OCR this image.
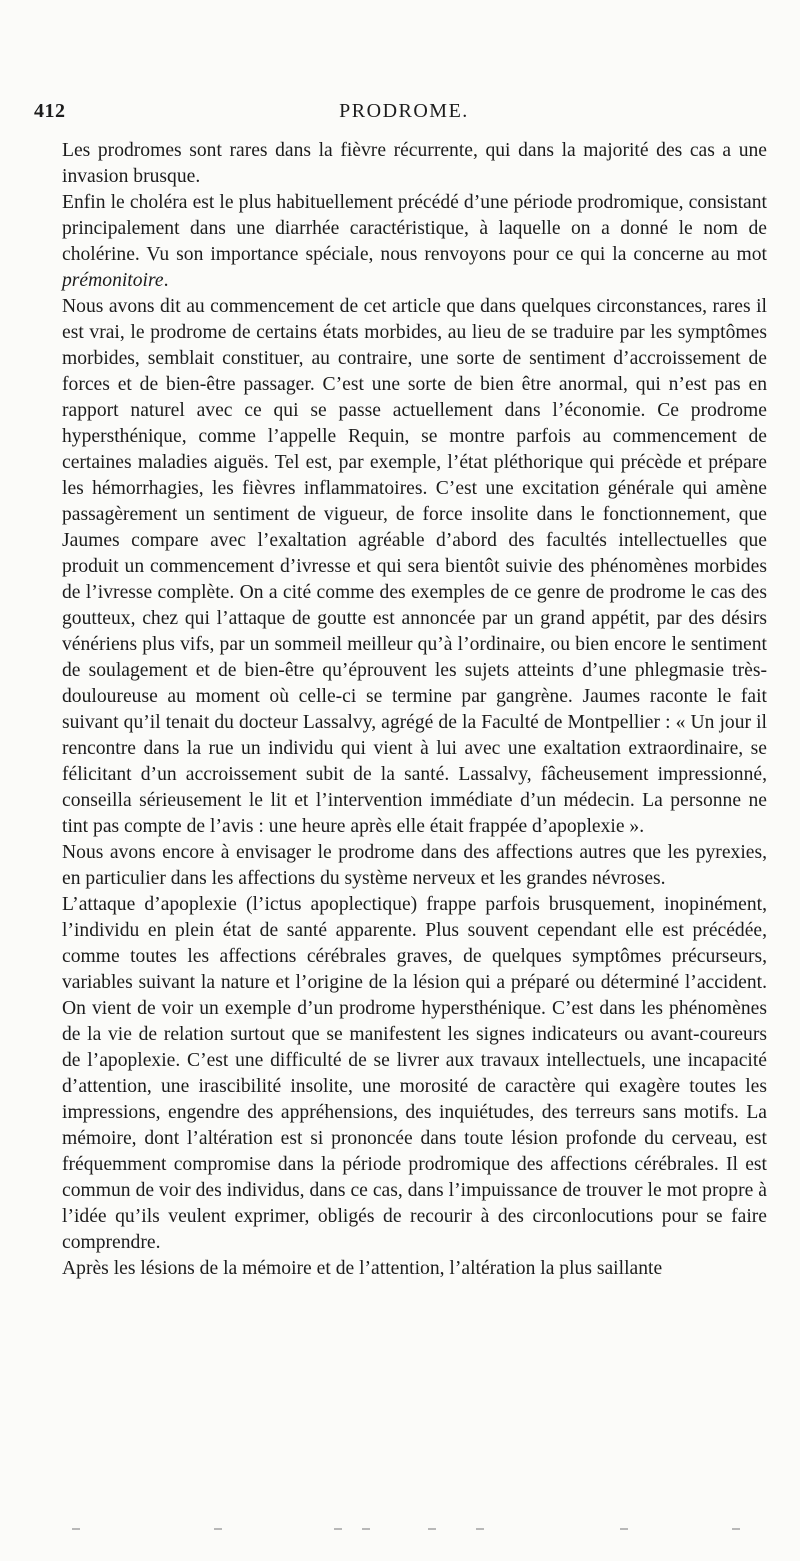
412	PRODROME.

Les prodromes sont rares dans la fièvre récurrente, qui dans la majorité des cas a une invasion brusque.

Enfin le choléra est le plus habituellement précédé d’une période prodromique, consistant principalement dans une diarrhée caractéristique, à laquelle on a donné le nom de cholérine. Vu son importance spéciale, nous renvoyons pour ce qui la concerne au mot prémonitoire.

Nous avons dit au commencement de cet article que dans quelques circonstances, rares il est vrai, le prodrome de certains états morbides, au lieu de se traduire par les symptômes morbides, semblait constituer, au contraire, une sorte de sentiment d’accroissement de forces et de bien-être passager. C’est une sorte de bien être anormal, qui n’est pas en rapport naturel avec ce qui se passe actuellement dans l’économie. Ce prodrome hypersthénique, comme l’appelle Requin, se montre parfois au commencement de certaines maladies aiguës. Tel est, par exemple, l’état pléthorique qui précède et prépare les hémorrhagies, les fièvres inflammatoires. C’est une excitation générale qui amène passagèrement un sentiment de vigueur, de force insolite dans le fonctionnement, que Jaumes compare avec l’exaltation agréable d’abord des facultés intellectuelles que produit un commencement d’ivresse et qui sera bientôt suivie des phénomènes morbides de l’ivresse complète. On a cité comme des exemples de ce genre de prodrome le cas des goutteux, chez qui l’attaque de goutte est annoncée par un grand appétit, par des désirs vénériens plus vifs, par un sommeil meilleur qu’à l’ordinaire, ou bien encore le sentiment de soulagement et de bien-être qu’éprouvent les sujets atteints d’une phlegmasie très-douloureuse au moment où celle-ci se termine par gangrène. Jaumes raconte le fait suivant qu’il tenait du docteur Lassalvy, agrégé de la Faculté de Montpellier : « Un jour il rencontre dans la rue un individu qui vient à lui avec une exaltation extraordinaire, se félicitant d’un accroissement subit de la santé. Lassalvy, fâcheusement impressionné, conseilla sérieusement le lit et l’intervention immédiate d’un médecin. La personne ne tint pas compte de l’avis : une heure après elle était frappée d’apoplexie ».

Nous avons encore à envisager le prodrome dans des affections autres que les pyrexies, en particulier dans les affections du système nerveux et les grandes névroses.

L’attaque d’apoplexie (l’ictus apoplectique) frappe parfois brusquement, inopinément, l’individu en plein état de santé apparente. Plus souvent cependant elle est précédée, comme toutes les affections cérébrales graves, de quelques symptômes précurseurs, variables suivant la nature et l’origine de la lésion qui a préparé ou déterminé l’accident. On vient de voir un exemple d’un prodrome hypersthénique. C’est dans les phénomènes de la vie de relation surtout que se manifestent les signes indicateurs ou avant-coureurs de l’apoplexie. C’est une difficulté de se livrer aux travaux intellectuels, une incapacité d’attention, une irascibilité insolite, une morosité de caractère qui exagère toutes les impressions, engendre des appréhensions, des inquiétudes, des terreurs sans motifs. La mémoire, dont l’altération est si prononcée dans toute lésion profonde du cerveau, est fréquemment compromise dans la période prodromique des affections cérébrales. Il est commun de voir des individus, dans ce cas, dans l’impuissance de trouver le mot propre à l’idée qu’ils veulent exprimer, obligés de recourir à des circonlocutions pour se faire comprendre.

Après les lésions de la mémoire et de l’attention, l’altération la plus saillante
